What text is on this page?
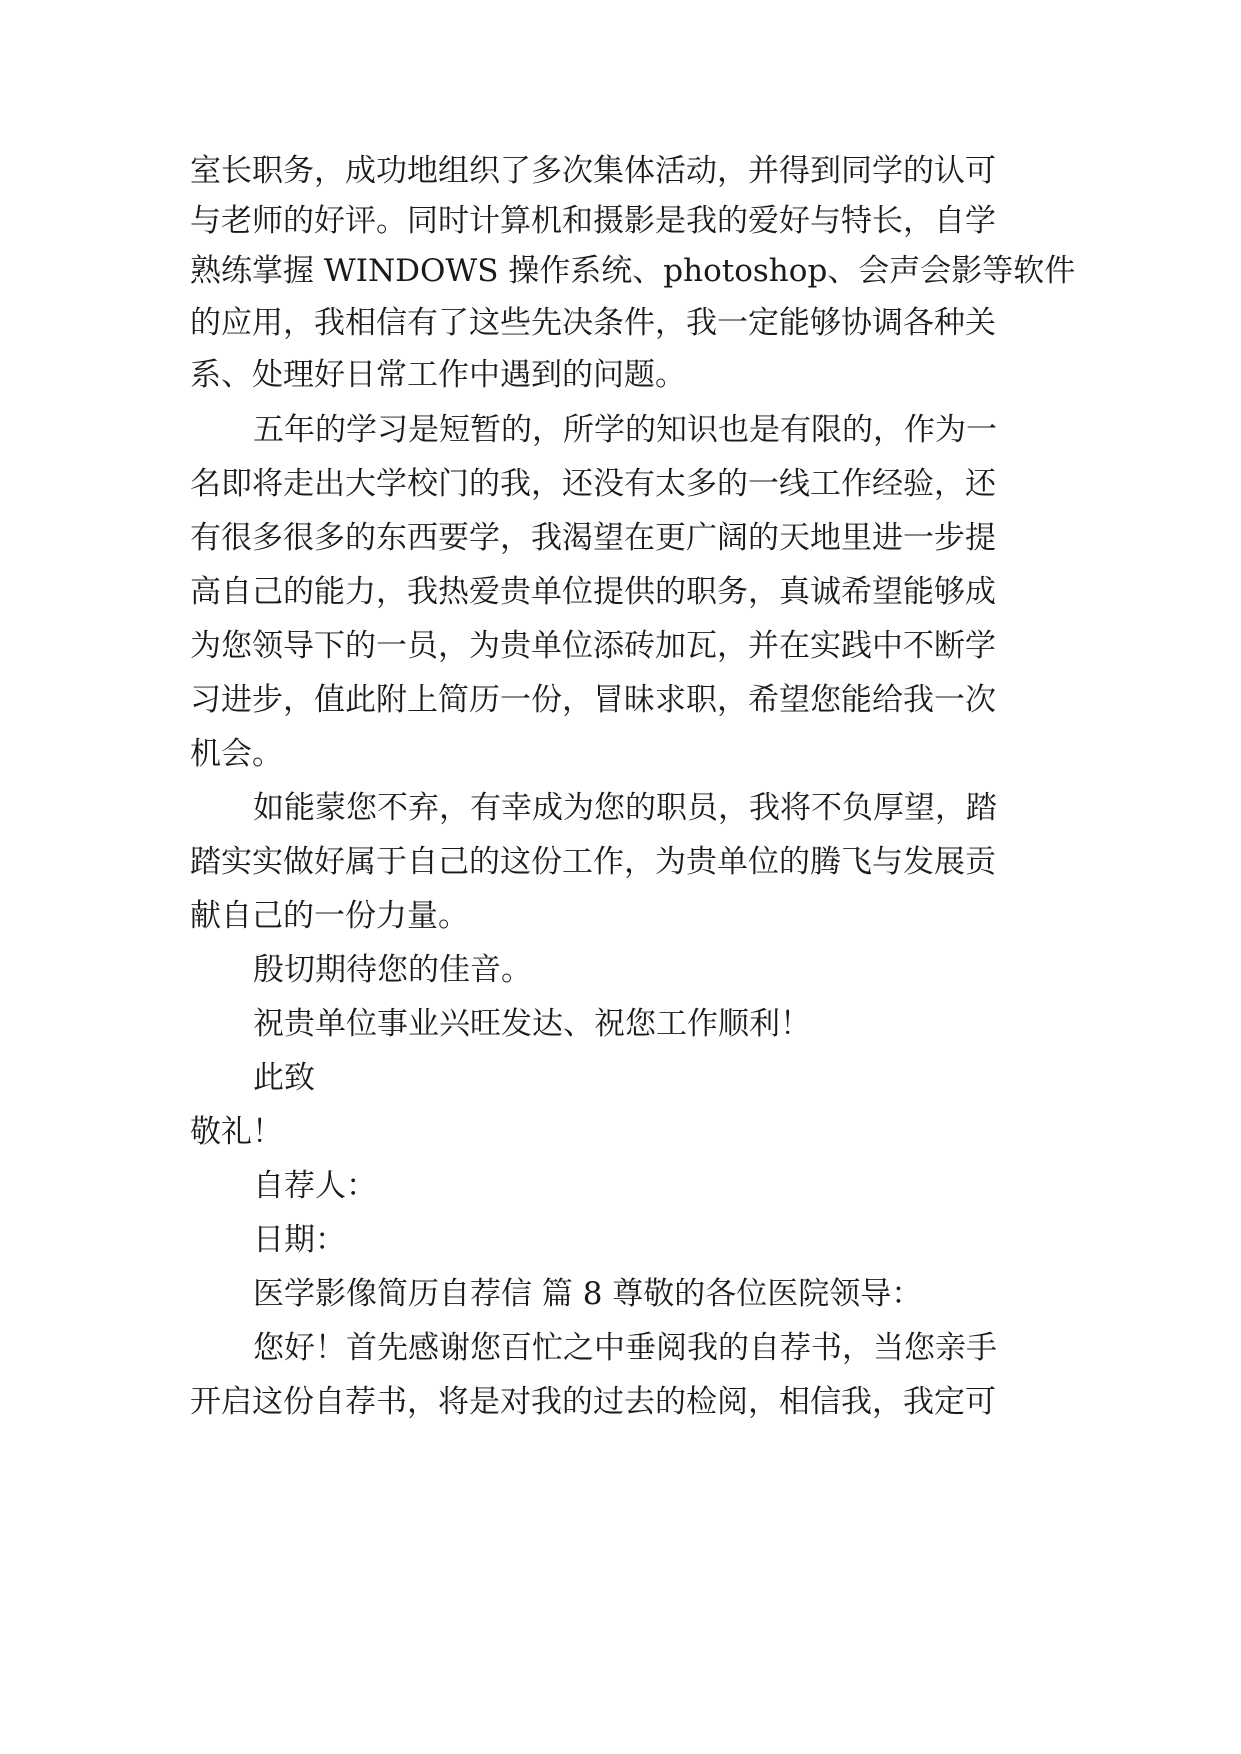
室长职务，成功地组织了多次集体活动，并得到同学的认可
与老师的好评。同时计算机和摄影是我的爱好与特长，自学
熟练掌握 WINDOWS 操作系统、photoshop、会声会影等软件
的应用，我相信有了这些先决条件，我一定能够协调各种关
系、处理好日常工作中遇到的问题。
五年的学习是短暂的，所学的知识也是有限的，作为一
名即将走出大学校门的我，还没有太多的一线工作经验，还
有很多很多的东西要学，我渴望在更广阔的天地里进一步提
高自己的能力，我热爱贵单位提供的职务，真诚希望能够成
为您领导下的一员，为贵单位添砖加瓦，并在实践中不断学
习进步，值此附上简历一份，冒昧求职，希望您能给我一次
机会。
如能蒙您不弃，有幸成为您的职员，我将不负厚望，踏
踏实实做好属于自己的这份工作，为贵单位的腾飞与发展贡
献自己的一份力量。
殷切期待您的佳音。
祝贵单位事业兴旺发达、祝您工作顺利！
此致
敬礼！
自荐人：
日期：
医学影像简历自荐信 篇 8 尊敬的各位医院领导：
您好！首先感谢您百忙之中垂阅我的自荐书，当您亲手
开启这份自荐书，将是对我的过去的检阅，相信我，我定可
